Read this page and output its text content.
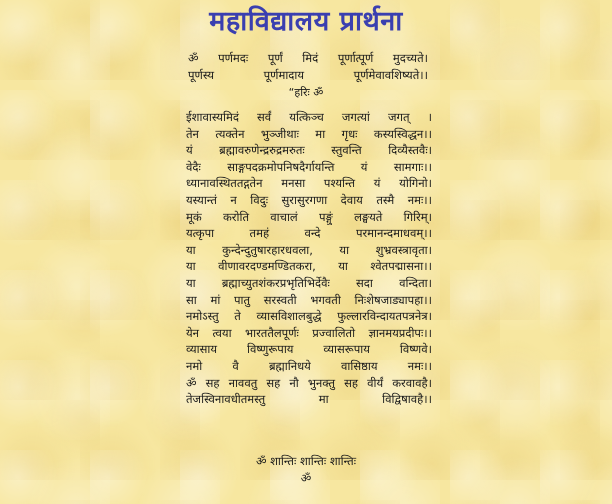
महाविद्यालय प्रार्थना
ॐ पर्णमदः पूर्णं मिदं पूर्णात्पूर्ण मुदच्यते।
पूर्णस्य पूर्णमादाय पूर्णमेवावशिष्यते।।
“हरिः ॐ
ईशावास्यमिदं सर्वं यत्किञ्च जगत्यां जगत् ।
तेन त्यक्तेन भुञ्जीथाः मा गृधः कस्यस्विद्धन।।
यं ब्रह्मावरुणेन्द्ररुद्रमरुतः स्तुवन्ति दिव्यैस्तवैः।
वेदैः साङ्गपदक्रमोपनिषदैर्गायन्ति यं सामगाः।।
ध्यानावस्थिततद्गतेन मनसा पश्यन्ति यं योगिनो।
यस्यान्तं न विदुः सुरासुरगणा देवाय तस्मै नमः।।
मूकं करोति वाचालं पङ्गुं लङ्घयते गिरिम्।
यत्कृपा तमहं वन्दे परमानन्दमाधवम्।।
या कुन्देन्दुतुषारहारधवला, या शुभ्रवस्त्रावृता।
या वीणावरदण्डमण्डितकरा, या श्वेतपद्मासना।।
या ब्रह्माच्युतशंकरप्रभृतिभिर्देवैः सदा वन्दिता।
सा मां पातु सरस्वती भगवती निःशेषजाड्यापहा।।
नमोऽस्तु ते व्यासविशालबुद्धे फुल्लारविन्दायतपत्रनेत्र।
येन त्वया भारततैलपूर्णः प्रज्वालितो ज्ञानमयप्रदीपः।।
व्यासाय विष्णुरूपाय व्यासरूपाय विष्णवे।
नमो वै ब्रह्मानिधये वासिष्ठाय नमः।।
ॐ सह नाववतु सह नौ भुनक्तु सह वीर्यं करवावहै।
तेजस्विनावधीतमस्तु मा विद्विषावहै।।
ॐ शान्तिः शान्तिः शान्तिः
ॐ
